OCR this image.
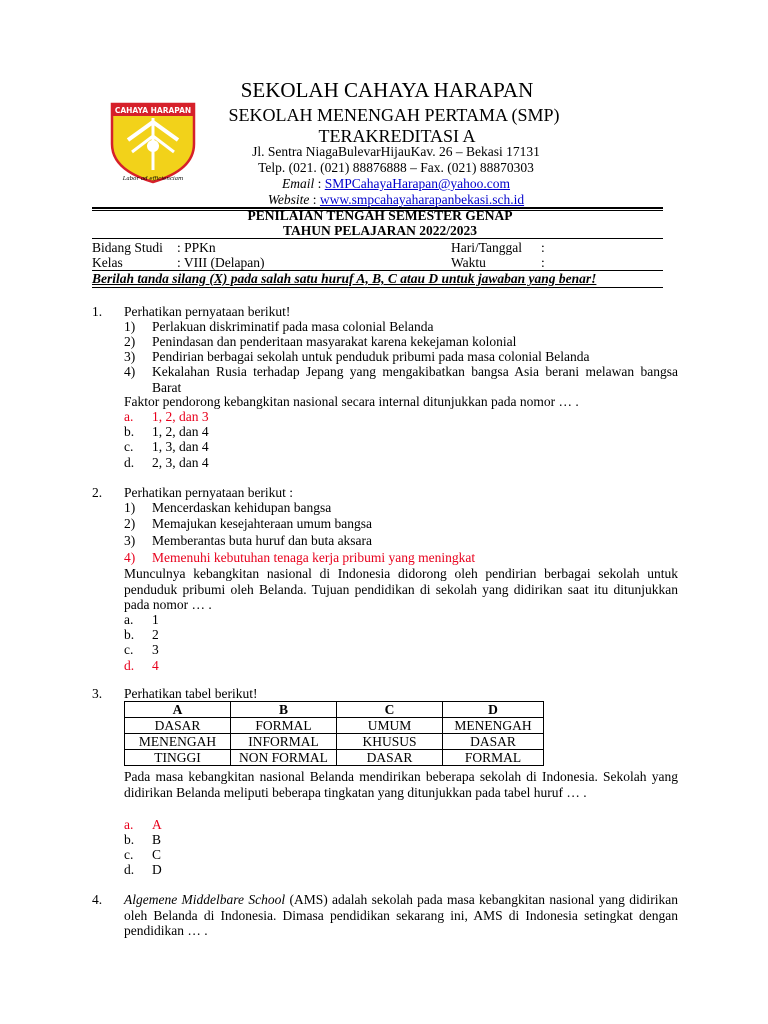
CAHAYA HARAPAN
Labor ad efficienciam
SEKOLAH CAHAYA HARAPAN
SEKOLAH MENENGAH PERTAMA (SMP)
TERAKREDITASI A
Jl. Sentra NiagaBulevarHijauKav. 26 – Bekasi 17131
Telp. (021. (021) 88876888 – Fax. (021) 88870303
Email : SMPCahayaHarapan@yahoo.com
Website : www.smpcahayaharapanbekasi.sch.id
PENILAIAN TENGAH SEMESTER GENAP
TAHUN PELAJARAN 2022/2023
Bidang Studi : PPKn	Hari/Tanggal :
Kelas	: VIII (Delapan)	Waktu	:
Berilah tanda silang (X) pada salah satu huruf A, B, C atau D untuk jawaban yang benar!
1. Perhatikan pernyataan berikut!
1) Perlakuan diskriminatif pada masa colonial Belanda
2) Penindasan dan penderitaan masyarakat karena kekejaman kolonial
3) Pendirian berbagai sekolah untuk penduduk pribumi pada masa colonial Belanda
4) Kekalahan Rusia terhadap Jepang yang mengakibatkan bangsa Asia berani melawan bangsa Barat
Faktor pendorong kebangkitan nasional secara internal ditunjukkan pada nomor … .
a. 1, 2, dan 3
b. 1, 2, dan 4
c. 1, 3, dan 4
d. 2, 3, dan 4
2. Perhatikan pernyataan berikut :
1) Mencerdaskan kehidupan bangsa
2) Memajukan kesejahteraan umum bangsa
3) Memberantas buta huruf dan buta aksara
4) Memenuhi kebutuhan tenaga kerja pribumi yang meningkat
Munculnya kebangkitan nasional di Indonesia didorong oleh pendirian berbagai sekolah untuk penduduk pribumi oleh Belanda. Tujuan pendidikan di sekolah yang didirikan saat itu ditunjukkan pada nomor … .
a. 1
b. 2
c. 3
d. 4
3. Perhatikan tabel berikut!
A	B	C	D
DASAR	FORMAL	UMUM	MENENGAH
MENENGAH	INFORMAL	KHUSUS	DASAR
TINGGI	NON FORMAL	DASAR	FORMAL
Pada masa kebangkitan nasional Belanda mendirikan beberapa sekolah di Indonesia. Sekolah yang didirikan Belanda meliputi beberapa tingkatan yang ditunjukkan pada tabel huruf … .
a. A
b. B
c. C
d. D
4. Algemene Middelbare School (AMS) adalah sekolah pada masa kebangkitan nasional yang didirikan oleh Belanda di Indonesia. Dimasa pendidikan sekarang ini, AMS di Indonesia setingkat dengan pendidikan … .
